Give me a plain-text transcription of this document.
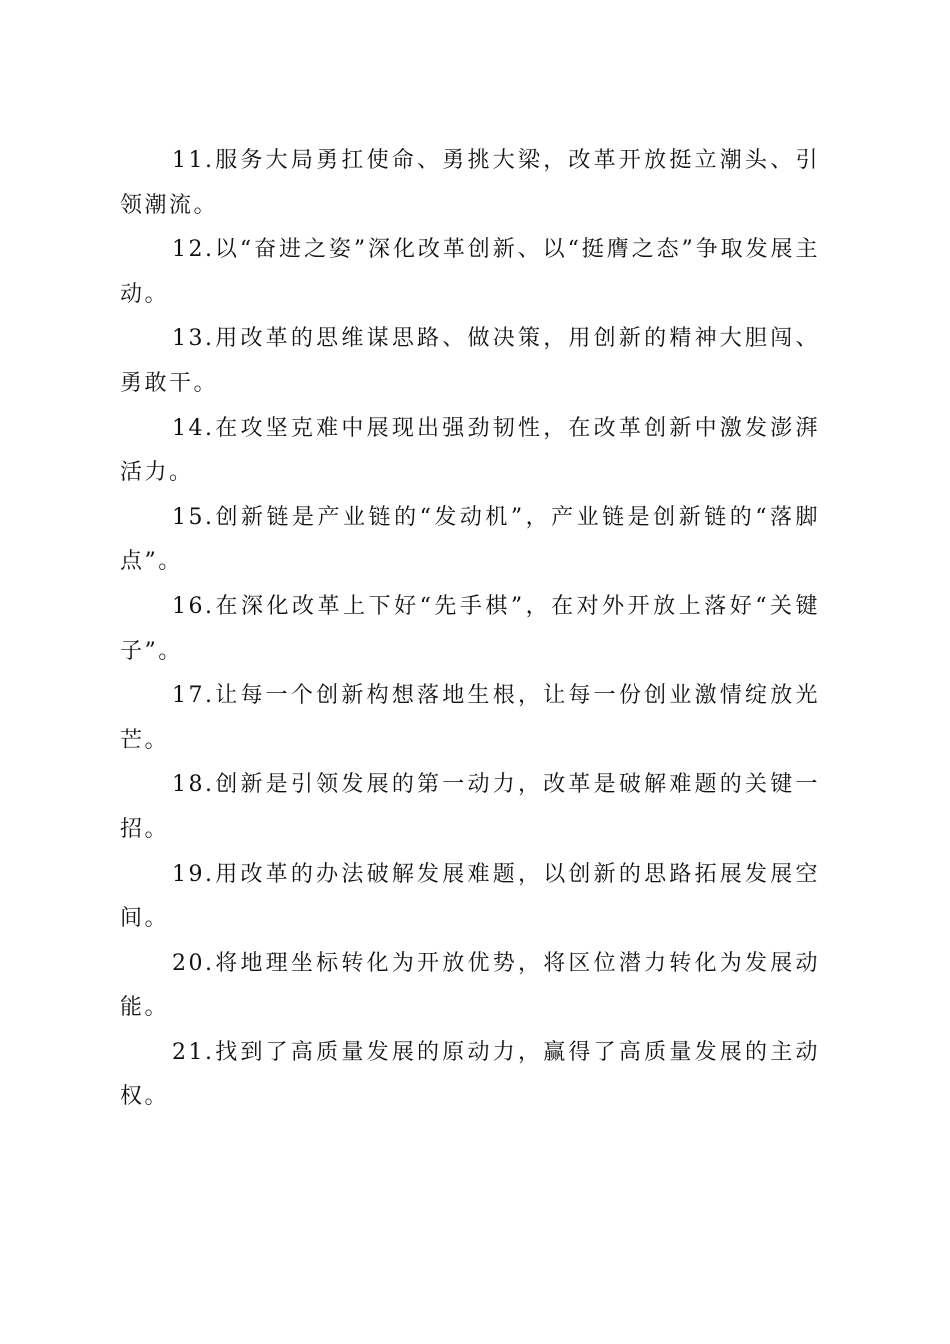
11.服务大局勇扛使命、勇挑大梁，改革开放挺立潮头、引领潮流。

12.以“奋进之姿”深化改革创新、以“挺膺之态”争取发展主动。

13.用改革的思维谋思路、做决策，用创新的精神大胆闯、勇敢干。

14.在攻坚克难中展现出强劲韧性，在改革创新中激发澎湃活力。

15.创新链是产业链的“发动机”，产业链是创新链的“落脚点”。

16.在深化改革上下好“先手棋”，在对外开放上落好“关键子”。

17.让每一个创新构想落地生根，让每一份创业激情绽放光芒。

18.创新是引领发展的第一动力，改革是破解难题的关键一招。

19.用改革的办法破解发展难题，以创新的思路拓展发展空间。

20.将地理坐标转化为开放优势，将区位潜力转化为发展动能。

21.找到了高质量发展的原动力，赢得了高质量发展的主动权。
